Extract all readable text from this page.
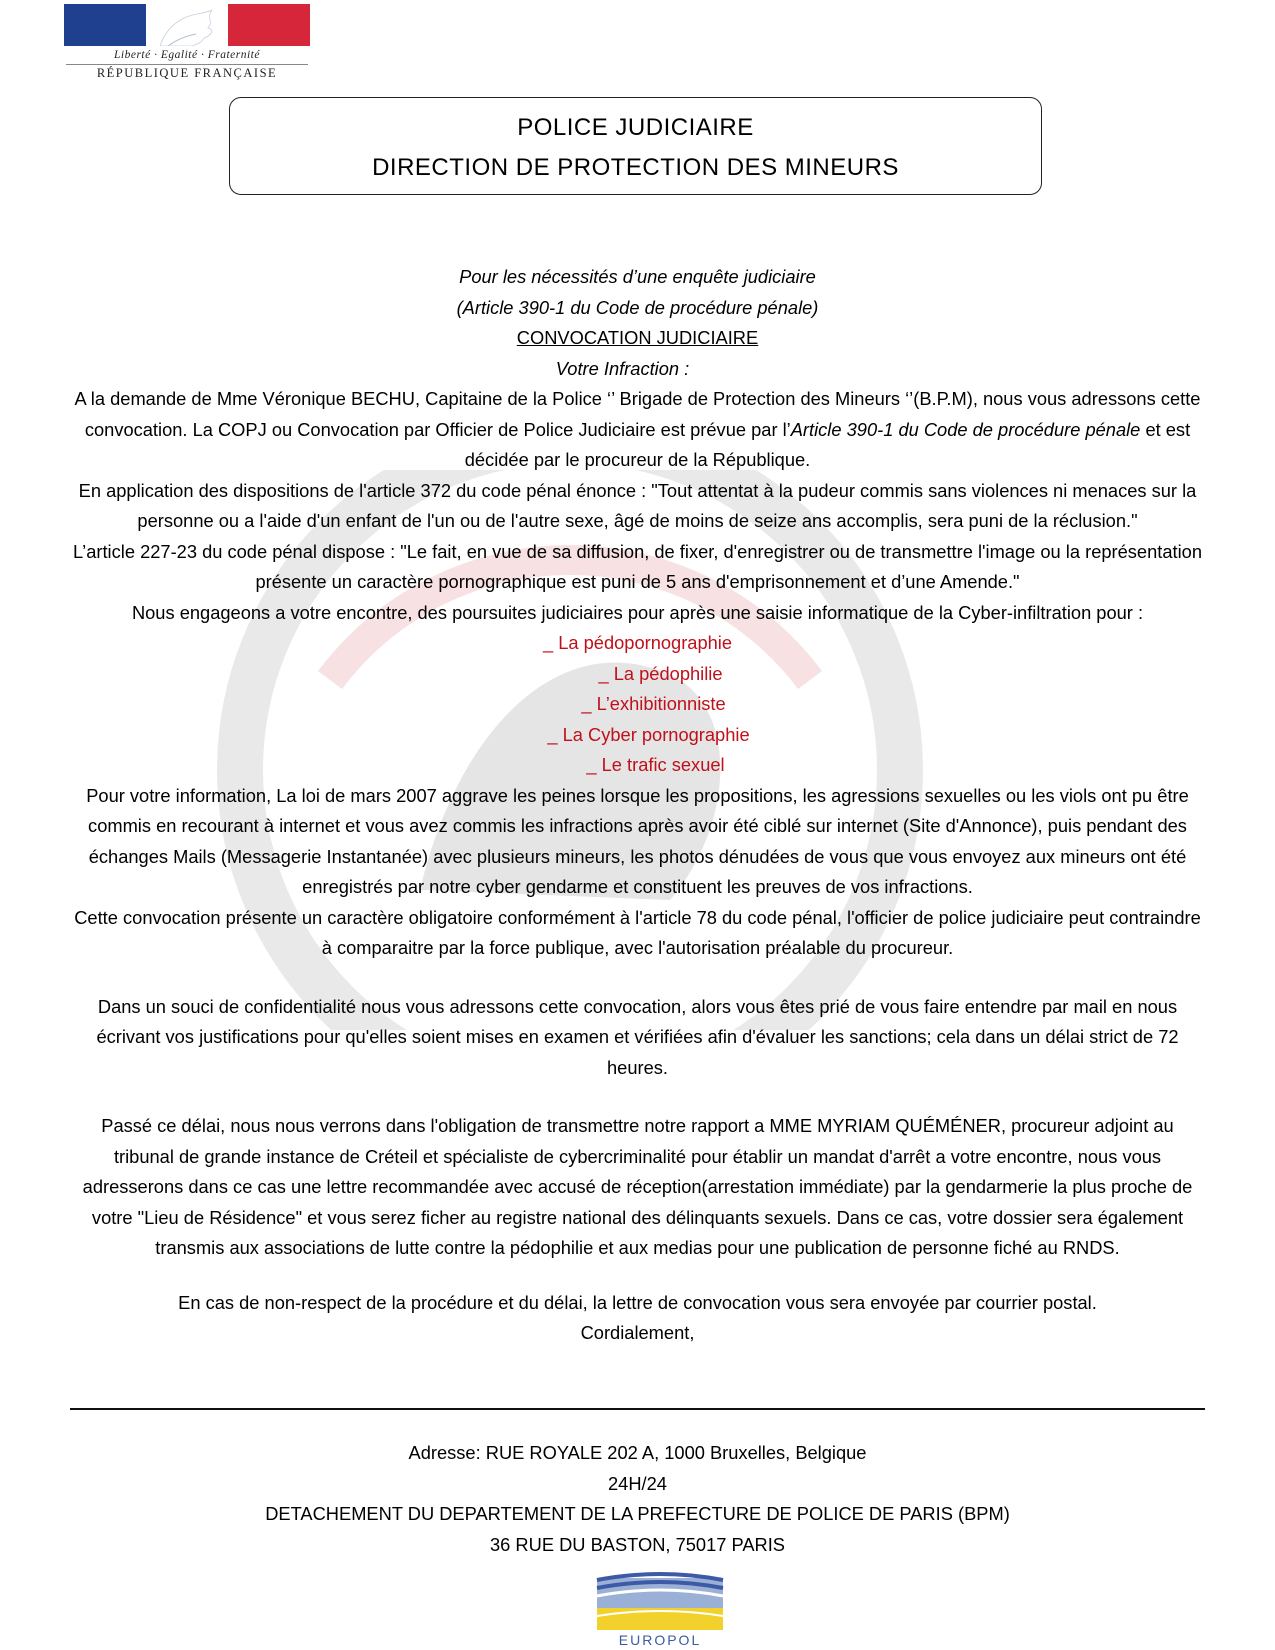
Liberté · Egalité · Fraternité
RÉPUBLIQUE FRANÇAISE
POLICE JUDICIAIRE
DIRECTION DE PROTECTION DES MINEURS

Pour les nécessités d’une enquête judiciaire

(Article 390-1 du Code de procédure pénale)

CONVOCATION JUDICIAIRE

Votre Infraction :

A la demande de Mme Véronique BECHU, Capitaine de la Police ‘’ Brigade de Protection des Mineurs ‘’(B.P.M), nous vous adressons cette convocation. La COPJ ou Convocation par Officier de Police Judiciaire est prévue par l’Article 390-1 du Code de procédure pénale et est décidée par le procureur de la République.

En application des dispositions de l'article 372 du code pénal énonce : "Tout attentat à la pudeur commis sans violences ni menaces sur la personne ou a l'aide d'un enfant de l'un ou de l'autre sexe, âgé de moins de seize ans accomplis, sera puni de la réclusion."

L’article 227-23 du code pénal dispose : "Le fait, en vue de sa diffusion, de fixer, d'enregistrer ou de transmettre l'image ou la représentation présente un caractère pornographique est puni de 5 ans d'emprisonnement et d’une Amende."

Nous engageons a votre encontre, des poursuites judiciaires pour après une saisie informatique de la Cyber-infiltration pour :

_ La pédopornographie

_ La pédophilie

_ L’exhibitionniste

_ La Cyber pornographie

_ Le trafic sexuel

Pour votre information, La loi de mars 2007 aggrave les peines lorsque les propositions, les agressions sexuelles ou les viols ont pu être commis en recourant à internet et vous avez commis les infractions après avoir été ciblé sur internet (Site d'Annonce), puis pendant des échanges Mails (Messagerie Instantanée) avec plusieurs mineurs, les photos dénudées de vous que vous envoyez aux mineurs ont été enregistrés par notre cyber gendarme et constituent les preuves de vos infractions.

Cette convocation présente un caractère obligatoire conformément à l'article 78 du code pénal, l'officier de police judiciaire peut contraindre à comparaitre par la force publique, avec l'autorisation préalable du procureur.

Dans un souci de confidentialité nous vous adressons cette convocation, alors vous êtes prié de vous faire entendre par mail en nous écrivant vos justifications pour qu'elles soient mises en examen et vérifiées afin d'évaluer les sanctions; cela dans un délai strict de 72 heures.

Passé ce délai, nous nous verrons dans l'obligation de transmettre notre rapport a MME MYRIAM QUÉMÉNER, procureur adjoint au tribunal de grande instance de Créteil et spécialiste de cybercriminalité pour établir un mandat d'arrêt a votre encontre, nous vous adresserons dans ce cas une lettre recommandée avec accusé de réception(arrestation immédiate) par la gendarmerie la plus proche de votre "Lieu de Résidence" et vous serez ficher au registre national des délinquants sexuels. Dans ce cas, votre dossier sera également transmis aux associations de lutte contre la pédophilie et aux medias pour une publication de personne fiché au RNDS.

En cas de non-respect de la procédure et du délai, la lettre de convocation vous sera envoyée par courrier postal.

Cordialement,

Adresse: RUE ROYALE 202 A, 1000 Bruxelles, Belgique

24H/24

DETACHEMENT DU DEPARTEMENT DE LA PREFECTURE DE POLICE DE PARIS (BPM)

36 RUE DU BASTON, 75017 PARIS

EUROPOL
